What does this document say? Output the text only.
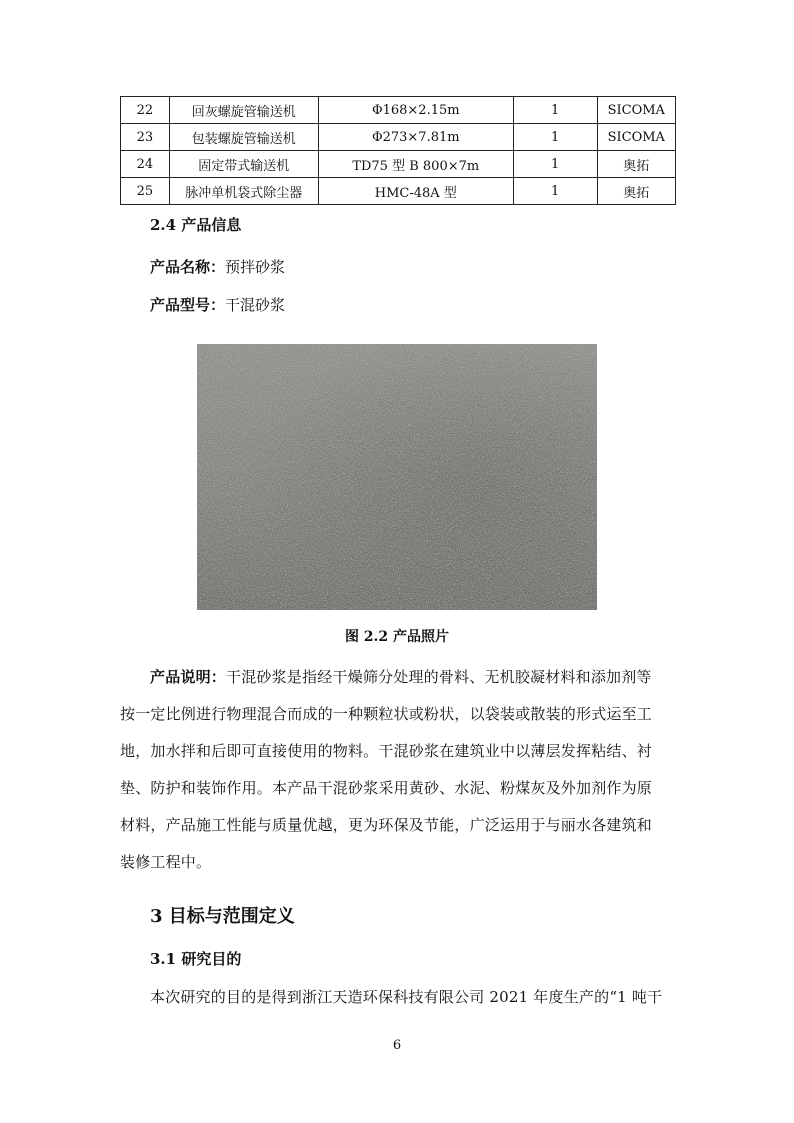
22	回灰螺旋管输送机	Φ168×2.15m	1	SICOMA
23	包装螺旋管输送机	Φ273×7.81m	1	SICOMA
24	固定带式输送机	TD75 型 B 800×7m	1	奥拓
25	脉冲单机袋式除尘器	HMC-48A 型	1	奥拓
2.4 产品信息
产品名称：预拌砂浆
产品型号：干混砂浆
图 2.2 产品照片
产品说明：干混砂浆是指经干燥筛分处理的骨料、无机胶凝材料和添加剂等
按一定比例进行物理混合而成的一种颗粒状或粉状，以袋装或散装的形式运至工
地，加水拌和后即可直接使用的物料。干混砂浆在建筑业中以薄层发挥粘结、衬
垫、防护和装饰作用。本产品干混砂浆采用黄砂、水泥、粉煤灰及外加剂作为原
材料，产品施工性能与质量优越，更为环保及节能，广泛运用于与丽水各建筑和
装修工程中。
3 目标与范围定义
3.1 研究目的
本次研究的目的是得到浙江天造环保科技有限公司 2021 年度生产的“1 吨干
6
